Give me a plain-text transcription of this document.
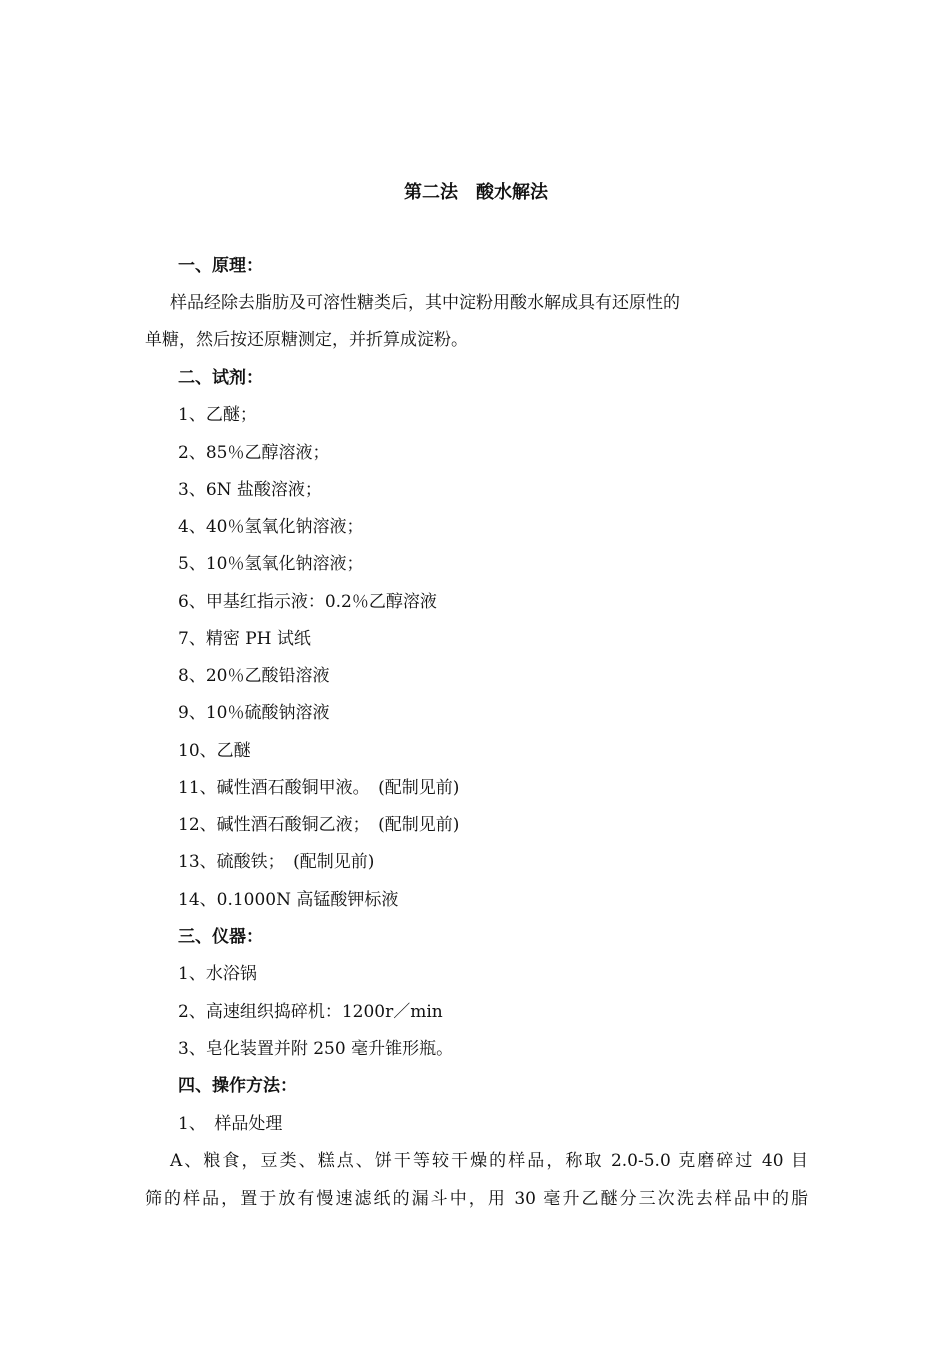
第二法　酸水解法

一、原理：

样品经除去脂肪及可溶性糖类后，其中淀粉用酸水解成具有还原性的

单糖，然后按还原糖测定，并折算成淀粉。

二、试剂：

1、乙醚；

2、85％乙醇溶液；

3、6N 盐酸溶液；

4、40％氢氧化钠溶液；

5、10％氢氧化钠溶液；

6、甲基红指示液：0.2％乙醇溶液

7、精密 PH 试纸

8、20％乙酸铅溶液

9、10％硫酸钠溶液

10、乙醚

11、碱性酒石酸铜甲液。　(配制见前)

12、碱性酒石酸铜乙液；　(配制见前)

13、硫酸铁；　(配制见前)

14、0.1000N 高锰酸钾标液

三、仪器：

1、水浴锅

2、高速组织捣碎机：1200r／min

3、皂化装置并附 250 毫升锥形瓶。

四、操作方法：

1、　样品处理

A、粮食，豆类、糕点、饼干等较干燥的样品，称取 2.0-5.0 克磨碎过 40 目

筛的样品，置于放有慢速滤纸的漏斗中，用 30 毫升乙醚分三次洗去样品中的脂
